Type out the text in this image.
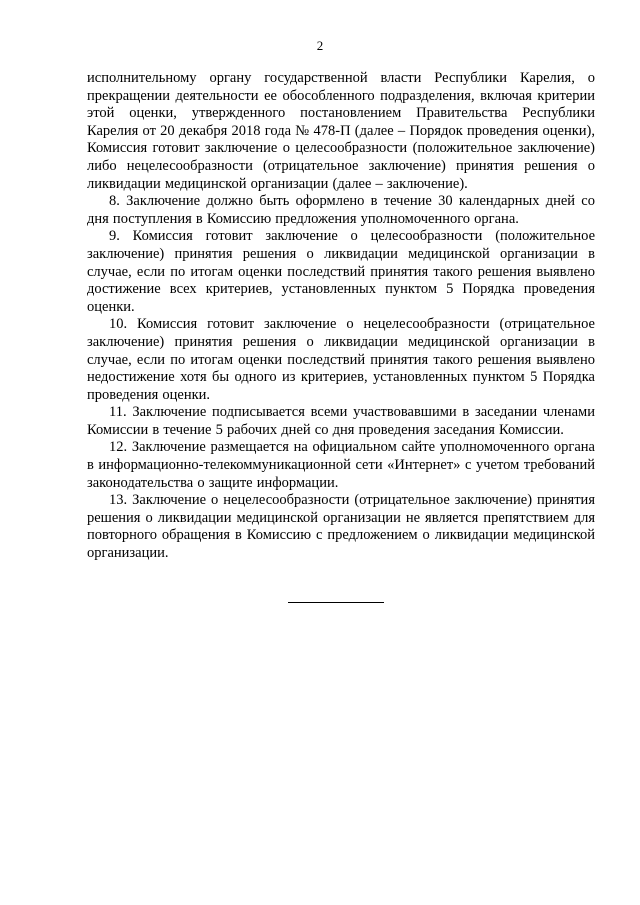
2

исполнительному органу государственной власти Республики Карелия, о прекращении деятельности ее обособленного подразделения, включая критерии этой оценки, утвержденного постановлением Правительства Республики Карелия от 20 декабря 2018 года № 478-П (далее – Порядок проведения оценки), Комиссия готовит заключение о целесообразности (положительное заключение) либо нецелесообразности (отрицательное заключение) принятия решения о ликвидации медицинской организации (далее – заключение).

8. Заключение должно быть оформлено в течение 30 календарных дней со дня поступления в Комиссию предложения уполномоченного органа.

9. Комиссия готовит заключение о целесообразности (положительное заключение) принятия решения о ликвидации медицинской организации в случае, если по итогам оценки последствий принятия такого решения выявлено достижение всех критериев, установленных пунктом 5 Порядка проведения оценки.

10. Комиссия готовит заключение о нецелесообразности (отрицательное заключение) принятия решения о ликвидации медицинской организации в случае, если по итогам оценки последствий принятия такого решения выявлено недостижение хотя бы одного из критериев, установленных пунктом 5 Порядка проведения оценки.

11. Заключение подписывается всеми участвовавшими в заседании членами Комиссии в течение 5 рабочих дней со дня проведения заседания Комиссии.

12. Заключение размещается на официальном сайте уполномоченного органа в информационно-телекоммуникационной сети «Интернет» с учетом требований законодательства о защите информации.

13. Заключение о нецелесообразности (отрицательное заключение) принятия решения о ликвидации медицинской организации не является препятствием для повторного обращения в Комиссию с предложением о ликвидации медицинской организации.
